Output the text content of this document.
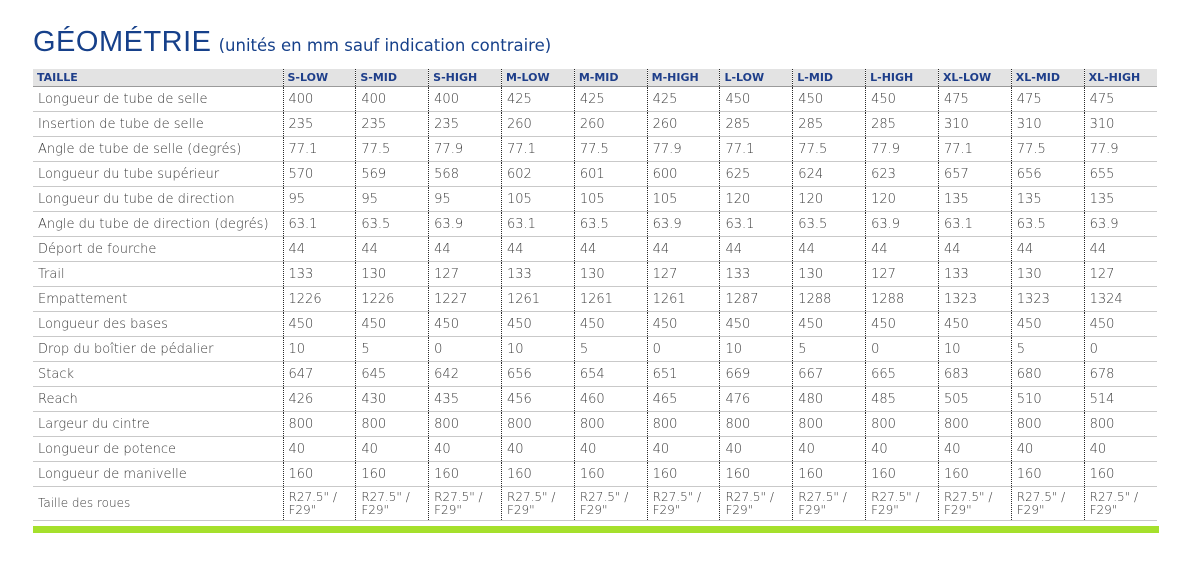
GÉOMÉTRIE (unités en mm sauf indication contraire)
TAILLE	S-LOW	S-MID	S-HIGH	M-LOW	M-MID	M-HIGH	L-LOW	L-MID	L-HIGH	XL-LOW	XL-MID	XL-HIGH
Longueur de tube de selle	400	400	400	425	425	425	450	450	450	475	475	475
Insertion de tube de selle	235	235	235	260	260	260	285	285	285	310	310	310
Angle de tube de selle (degrés)	77.1	77.5	77.9	77.1	77.5	77.9	77.1	77.5	77.9	77.1	77.5	77.9
Longueur du tube supérieur	570	569	568	602	601	600	625	624	623	657	656	655
Longueur du tube de direction	95	95	95	105	105	105	120	120	120	135	135	135
Angle du tube de direction (degrés)	63.1	63.5	63.9	63.1	63.5	63.9	63.1	63.5	63.9	63.1	63.5	63.9
Déport de fourche	44	44	44	44	44	44	44	44	44	44	44	44
Trail	133	130	127	133	130	127	133	130	127	133	130	127
Empattement	1226	1226	1227	1261	1261	1261	1287	1288	1288	1323	1323	1324
Longueur des bases	450	450	450	450	450	450	450	450	450	450	450	450
Drop du boîtier de pédalier	10	5	0	10	5	0	10	5	0	10	5	0
Stack	647	645	642	656	654	651	669	667	665	683	680	678
Reach	426	430	435	456	460	465	476	480	485	505	510	514
Largeur du cintre	800	800	800	800	800	800	800	800	800	800	800	800
Longueur de potence	40	40	40	40	40	40	40	40	40	40	40	40
Longueur de manivelle	160	160	160	160	160	160	160	160	160	160	160	160
Taille des roues	R27.5" / F29"	R27.5" / F29"	R27.5" / F29"	R27.5" / F29"	R27.5" / F29"	R27.5" / F29"	R27.5" / F29"	R27.5" / F29"	R27.5" / F29"	R27.5" / F29"	R27.5" / F29"	R27.5" / F29"
